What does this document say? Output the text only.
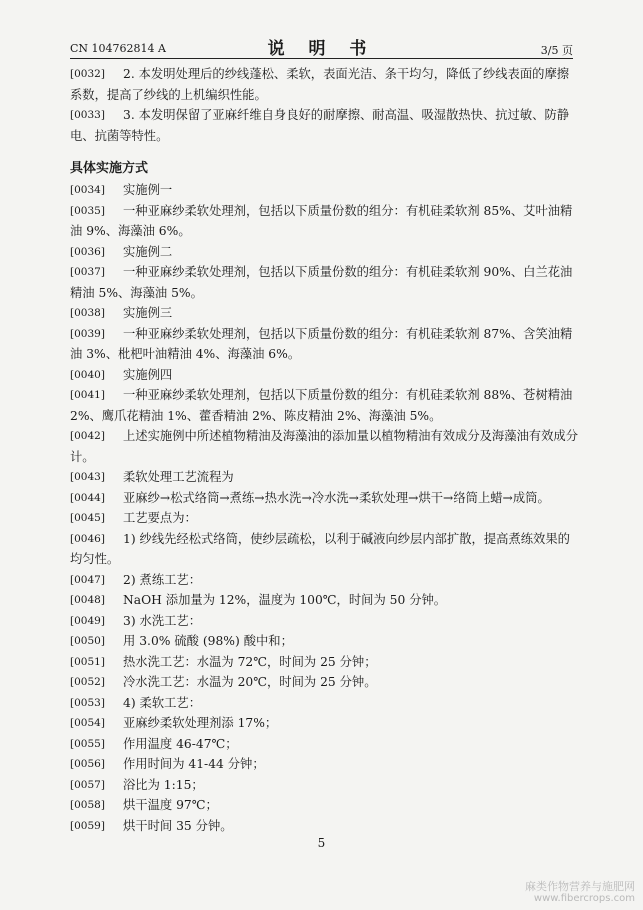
CN 104762814 A	说 明 书	3/5 页
[0032]	2. 本发明处理后的纱线蓬松、柔软，表面光洁、条干均匀，降低了纱线表面的摩擦系数，提高了纱线的上机编织性能。
[0033]	3. 本发明保留了亚麻纤维自身良好的耐摩擦、耐高温、吸湿散热快、抗过敏、防静电、抗菌等特性。
具体实施方式
[0034]	实施例一
[0035]	一种亚麻纱柔软处理剂，包括以下质量份数的组分：有机硅柔软剂 85%、艾叶油精油 9%、海藻油 6%。
[0036]	实施例二
[0037]	一种亚麻纱柔软处理剂，包括以下质量份数的组分：有机硅柔软剂 90%、白兰花油精油 5%、海藻油 5%。
[0038]	实施例三
[0039]	一种亚麻纱柔软处理剂，包括以下质量份数的组分：有机硅柔软剂 87%、含笑油精油 3%、枇杷叶油精油 4%、海藻油 6%。
[0040]	实施例四
[0041]	一种亚麻纱柔软处理剂，包括以下质量份数的组分：有机硅柔软剂 88%、苍树精油 2%、鹰爪花精油 1%、藿香精油 2%、陈皮精油 2%、海藻油 5%。
[0042]	上述实施例中所述植物精油及海藻油的添加量以植物精油有效成分及海藻油有效成分计。
[0043]	柔软处理工艺流程为
[0044]	亚麻纱→松式络筒→煮练→热水洗→冷水洗→柔软处理→烘干→络筒上蜡→成筒。
[0045]	工艺要点为：
[0046]	1) 纱线先经松式络筒，使纱层疏松，以利于碱液向纱层内部扩散，提高煮练效果的均匀性。
[0047]	2) 煮练工艺：
[0048]	NaOH 添加量为 12%，温度为 100℃，时间为 50 分钟。
[0049]	3) 水洗工艺：
[0050]	用 3.0% 硫酸 (98%) 酸中和；
[0051]	热水洗工艺：水温为 72℃，时间为 25 分钟；
[0052]	冷水洗工艺：水温为 20℃，时间为 25 分钟。
[0053]	4) 柔软工艺：
[0054]	亚麻纱柔软处理剂添 17%；
[0055]	作用温度 46-47℃；
[0056]	作用时间为 41-44 分钟；
[0057]	浴比为 1:15；
[0058]	烘干温度 97℃；
[0059]	烘干时间 35 分钟。
5
麻类作物营养与施肥网
www.fibercrops.com
